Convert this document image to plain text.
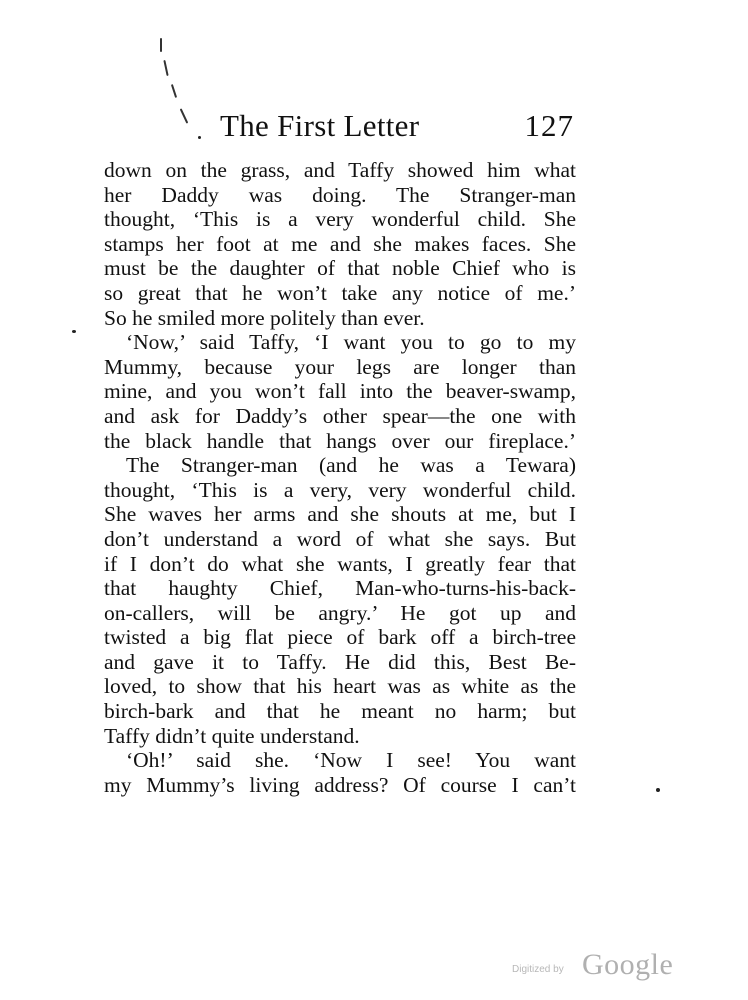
The First Letter	127
down on the grass, and Taffy showed him what
her Daddy was doing. The Stranger-man
thought, ‘This is a very wonderful child. She
stamps her foot at me and she makes faces. She
must be the daughter of that noble Chief who is
so great that he won’t take any notice of me.’
So he smiled more politely than ever.
‘Now,’ said Taffy, ‘I want you to go to my
Mummy, because your legs are longer than
mine, and you won’t fall into the beaver-swamp,
and ask for Daddy’s other spear—the one with
the black handle that hangs over our fireplace.’
The Stranger-man (and he was a Tewara)
thought, ‘This is a very, very wonderful child.
She waves her arms and she shouts at me, but I
don’t understand a word of what she says. But
if I don’t do what she wants, I greatly fear that
that haughty Chief, Man-who-turns-his-back-
on-callers, will be angry.’ He got up and
twisted a big flat piece of bark off a birch-tree
and gave it to Taffy. He did this, Best Be-
loved, to show that his heart was as white as the
birch-bark and that he meant no harm; but
Taffy didn’t quite understand.
‘Oh!’ said she. ‘Now I see! You want
my Mummy’s living address? Of course I can’t
Digitized by Google
